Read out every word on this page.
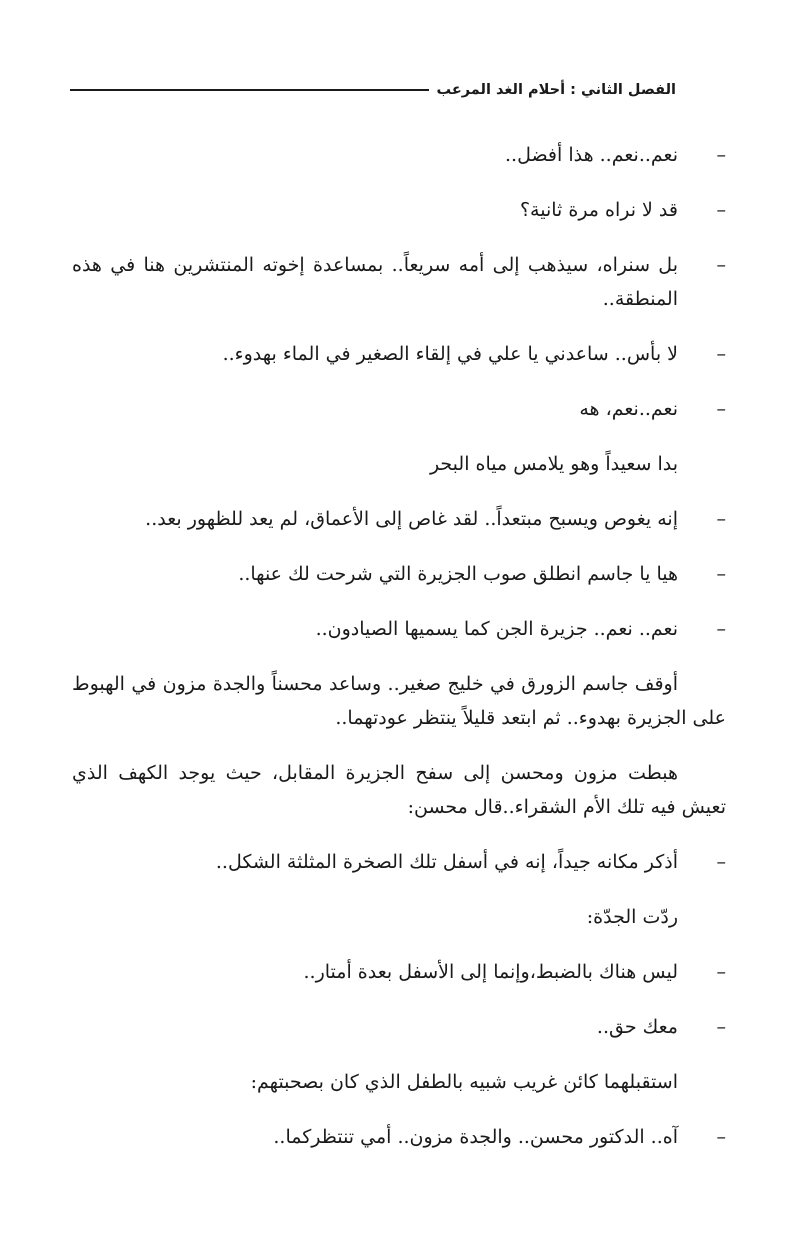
الفصل الثاني : أحلام الغد المرعب

– نعم..نعم.. هذا أفضل..

– قد لا نراه مرة ثانية؟

– بل سنراه، سيذهب إلى أمه سريعاً.. بمساعدة إخوته المنتشرين هنا في هذه المنطقة..

– لا بأس.. ساعدني يا علي في إلقاء الصغير في الماء بهدوء..

– نعم..نعم، هه

بدا سعيداً وهو يلامس مياه البحر

– إنه يغوص ويسبح مبتعداً.. لقد غاص إلى الأعماق، لم يعد للظهور بعد..

– هيا يا جاسم انطلق صوب الجزيرة التي شرحت لك عنها..

– نعم.. نعم.. جزيرة الجن كما يسميها الصيادون..

أوقف جاسم الزورق في خليج صغير.. وساعد محسناً والجدة مزون في الهبوط على الجزيرة بهدوء.. ثم ابتعد قليلاً ينتظر عودتهما..

هبطت مزون ومحسن إلى سفح الجزيرة المقابل، حيث يوجد الكهف الذي تعيش فيه تلك الأم الشقراء..قال محسن:

– أذكر مكانه جيداً، إنه في أسفل تلك الصخرة المثلثة الشكل..

ردّت الجدّة:

– ليس هناك بالضبط،وإنما إلى الأسفل بعدة أمتار..

– معك حق..

استقبلهما كائن غريب شبيه بالطفل الذي كان بصحبتهم:

– آه.. الدكتور محسن.. والجدة مزون.. أمي تنتظركما..
